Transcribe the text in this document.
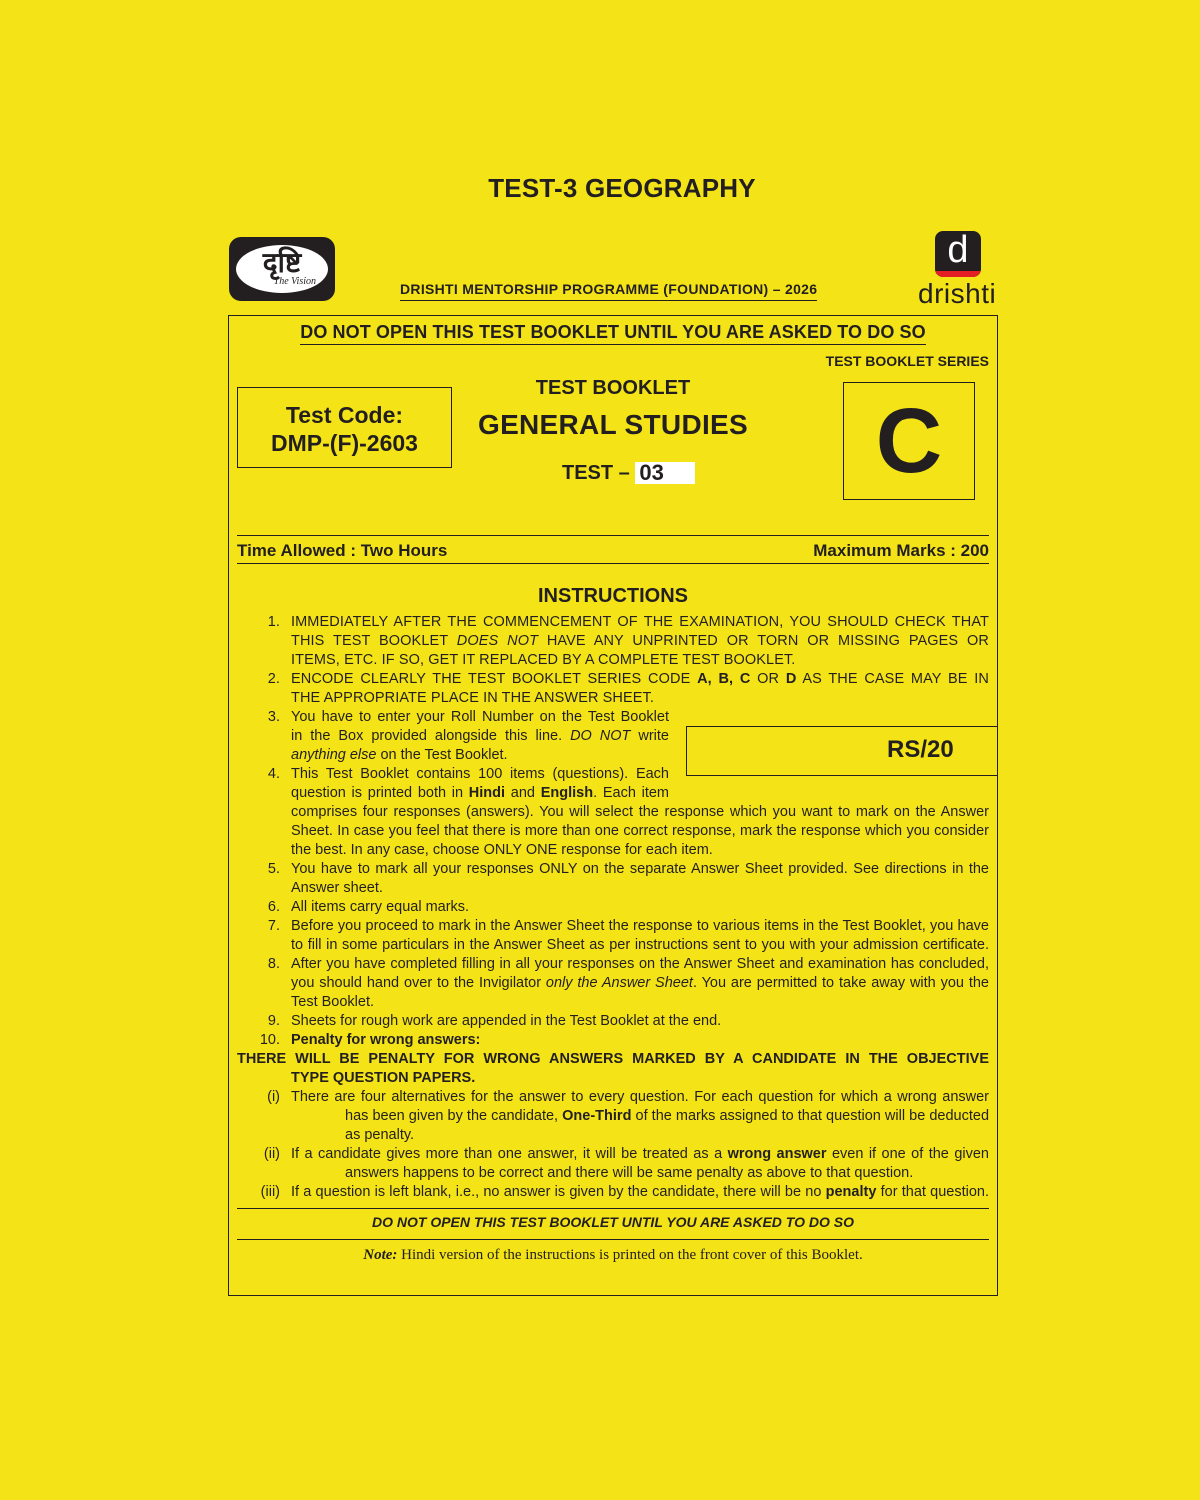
TEST-3 GEOGRAPHY
दृष्टि
The Vision	DRISHTI MENTORSHIP PROGRAMME (FOUNDATION) – 2026
d
drishti
DO NOT OPEN THIS TEST BOOKLET UNTIL YOU ARE ASKED TO DO SO
TEST BOOKLET SERIES
Test Code:
DMP-(F)-2603
TEST BOOKLET
GENERAL STUDIES
TEST – 03	C
Time Allowed : Two Hours	Maximum Marks : 200
INSTRUCTIONS
RS/20
1. IMMEDIATELY AFTER THE COMMENCEMENT OF THE EXAMINATION, YOU SHOULD CHECK THAT
THIS TEST BOOKLET DOES NOT HAVE ANY UNPRINTED OR TORN OR MISSING PAGES OR
ITEMS, ETC. IF SO, GET IT REPLACED BY A COMPLETE TEST BOOKLET.
2. ENCODE CLEARLY THE TEST BOOKLET SERIES CODE A, B, C OR D AS THE CASE MAY BE IN
THE APPROPRIATE PLACE IN THE ANSWER SHEET.
3. You have to enter your Roll Number on the Test Booklet
in the Box provided alongside this line. DO NOT write
anything else on the Test Booklet.
4. This Test Booklet contains 100 items (questions). Each
question is printed both in Hindi and English. Each item
comprises four responses (answers). You will select the response which you want to mark on the Answer
Sheet. In case you feel that there is more than one correct response, mark the response which you consider
the best. In any case, choose ONLY ONE response for each item.
5. You have to mark all your responses ONLY on the separate Answer Sheet provided. See directions in the
Answer sheet.
6. All items carry equal marks.
7. Before you proceed to mark in the Answer Sheet the response to various items in the Test Booklet, you have
to fill in some particulars in the Answer Sheet as per instructions sent to you with your admission certificate.
8. After you have completed filling in all your responses on the Answer Sheet and examination has concluded,
you should hand over to the Invigilator only the Answer Sheet. You are permitted to take away with you the
Test Booklet.
9. Sheets for rough work are appended in the Test Booklet at the end.
10. Penalty for wrong answers:
THERE WILL BE PENALTY FOR WRONG ANSWERS MARKED BY A CANDIDATE IN THE OBJECTIVE
TYPE QUESTION PAPERS.
(i) There are four alternatives for the answer to every question. For each question for which a wrong answer
has been given by the candidate, One-Third of the marks assigned to that question will be deducted
as penalty.
(ii) If a candidate gives more than one answer, it will be treated as a wrong answer even if one of the given
answers happens to be correct and there will be same penalty as above to that question.
(iii) If a question is left blank, i.e., no answer is given by the candidate, there will be no penalty for that question.
DO NOT OPEN THIS TEST BOOKLET UNTIL YOU ARE ASKED TO DO SO
Note: Hindi version of the instructions is printed on the front cover of this Booklet.
